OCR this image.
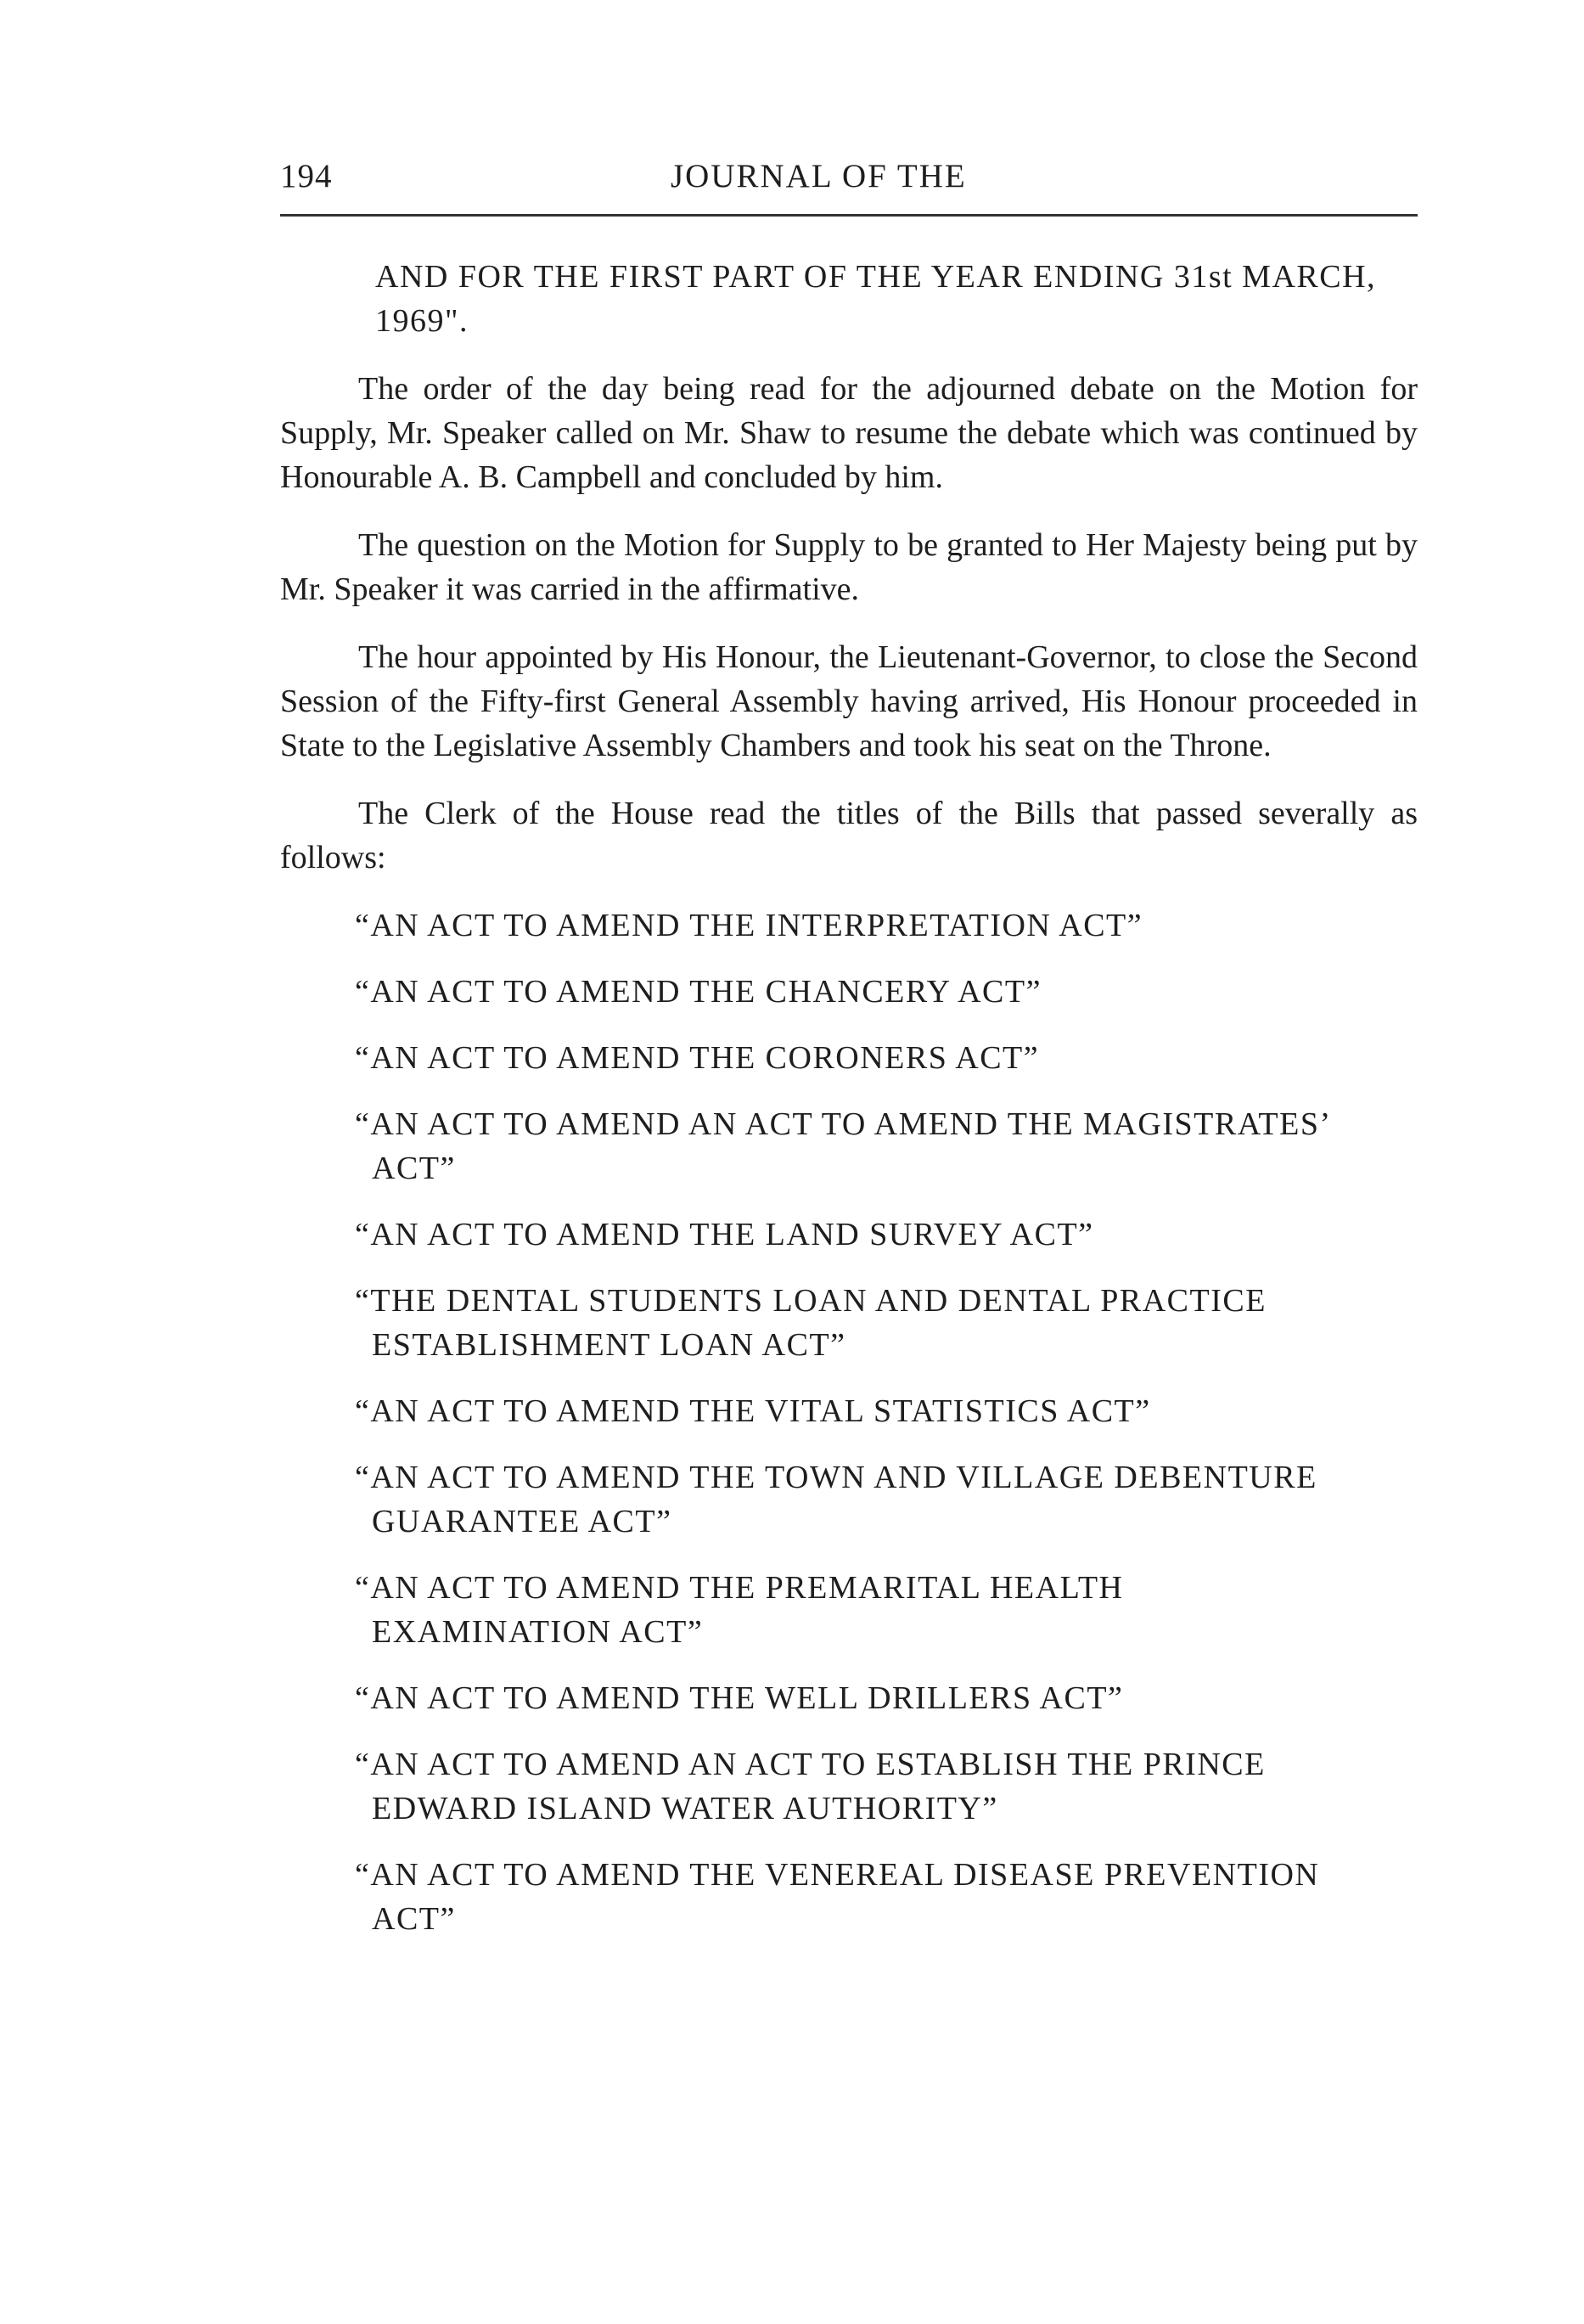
194	JOURNAL OF THE

AND FOR THE FIRST PART OF THE YEAR ENDING 31st MARCH, 1969".

The order of the day being read for the adjourned debate on the Motion for Supply, Mr. Speaker called on Mr. Shaw to resume the debate which was continued by Honourable A. B. Campbell and concluded by him.

The question on the Motion for Supply to be granted to Her Majesty being put by Mr. Speaker it was carried in the affirmative.

The hour appointed by His Honour, the Lieutenant-Governor, to close the Second Session of the Fifty-first General Assembly having arrived, His Honour proceeded in State to the Legislative Assembly Chambers and took his seat on the Throne.

The Clerk of the House read the titles of the Bills that passed severally as follows:

“AN ACT TO AMEND THE INTERPRETATION ACT”
“AN ACT TO AMEND THE CHANCERY ACT”
“AN ACT TO AMEND THE CORONERS ACT”
“AN ACT TO AMEND AN ACT TO AMEND THE MAGISTRATES’ ACT”
“AN ACT TO AMEND THE LAND SURVEY ACT”
“THE DENTAL STUDENTS LOAN AND DENTAL PRACTICE ESTABLISHMENT LOAN ACT”
“AN ACT TO AMEND THE VITAL STATISTICS ACT”
“AN ACT TO AMEND THE TOWN AND VILLAGE DEBENTURE GUARANTEE ACT”
“AN ACT TO AMEND THE PREMARITAL HEALTH EXAMINATION ACT”
“AN ACT TO AMEND THE WELL DRILLERS ACT”
“AN ACT TO AMEND AN ACT TO ESTABLISH THE PRINCE EDWARD ISLAND WATER AUTHORITY”
“AN ACT TO AMEND THE VENEREAL DISEASE PREVENTION ACT”
